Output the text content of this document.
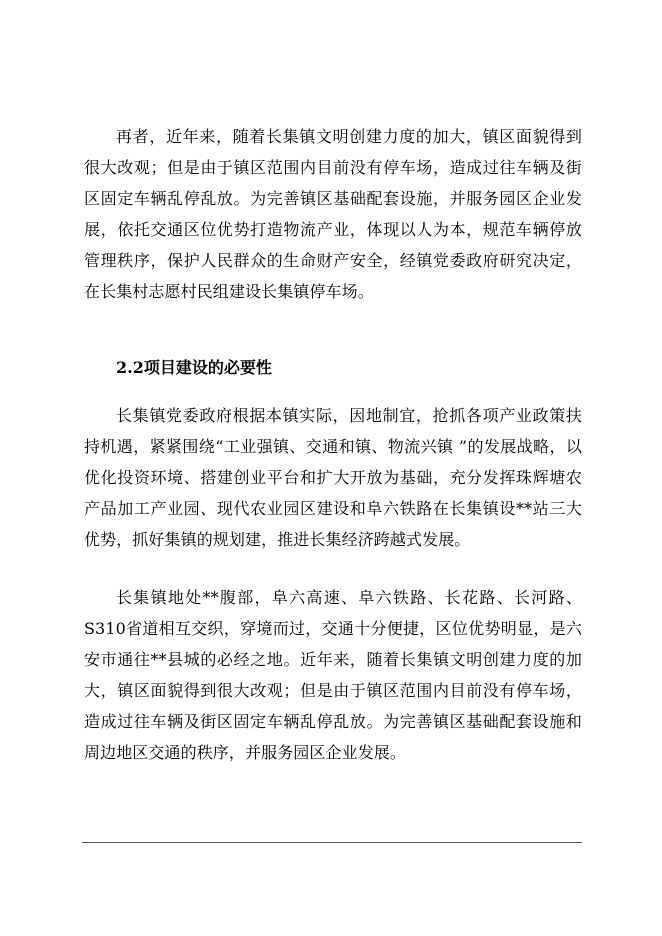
再者，近年来，随着长集镇文明创建力度的加大，镇区面貌得到很大改观；但是由于镇区范围内目前没有停车场，造成过往车辆及街区固定车辆乱停乱放。为完善镇区基础配套设施，并服务园区企业发展，依托交通区位优势打造物流产业，体现以人为本，规范车辆停放管理秩序，保护人民群众的生命财产安全，经镇党委政府研究决定，在长集村志愿村民组建设长集镇停车场。

2.2项目建设的必要性

长集镇党委政府根据本镇实际，因地制宜，抢抓各项产业政策扶持机遇，紧紧围绕“工业强镇、交通和镇、物流兴镇 ”的发展战略，以优化投资环境、搭建创业平台和扩大开放为基础，充分发挥珠辉塘农产品加工产业园、现代农业园区建设和阜六铁路在长集镇设**站三大优势，抓好集镇的规划建，推进长集经济跨越式发展。

长集镇地处**腹部，阜六高速、阜六铁路、长花路、长河路、S310省道相互交织，穿境而过，交通十分便捷，区位优势明显，是六安市通往**县城的必经之地。近年来，随着长集镇文明创建力度的加大，镇区面貌得到很大改观；但是由于镇区范围内目前没有停车场，造成过往车辆及街区固定车辆乱停乱放。为完善镇区基础配套设施和周边地区交通的秩序，并服务园区企业发展。
